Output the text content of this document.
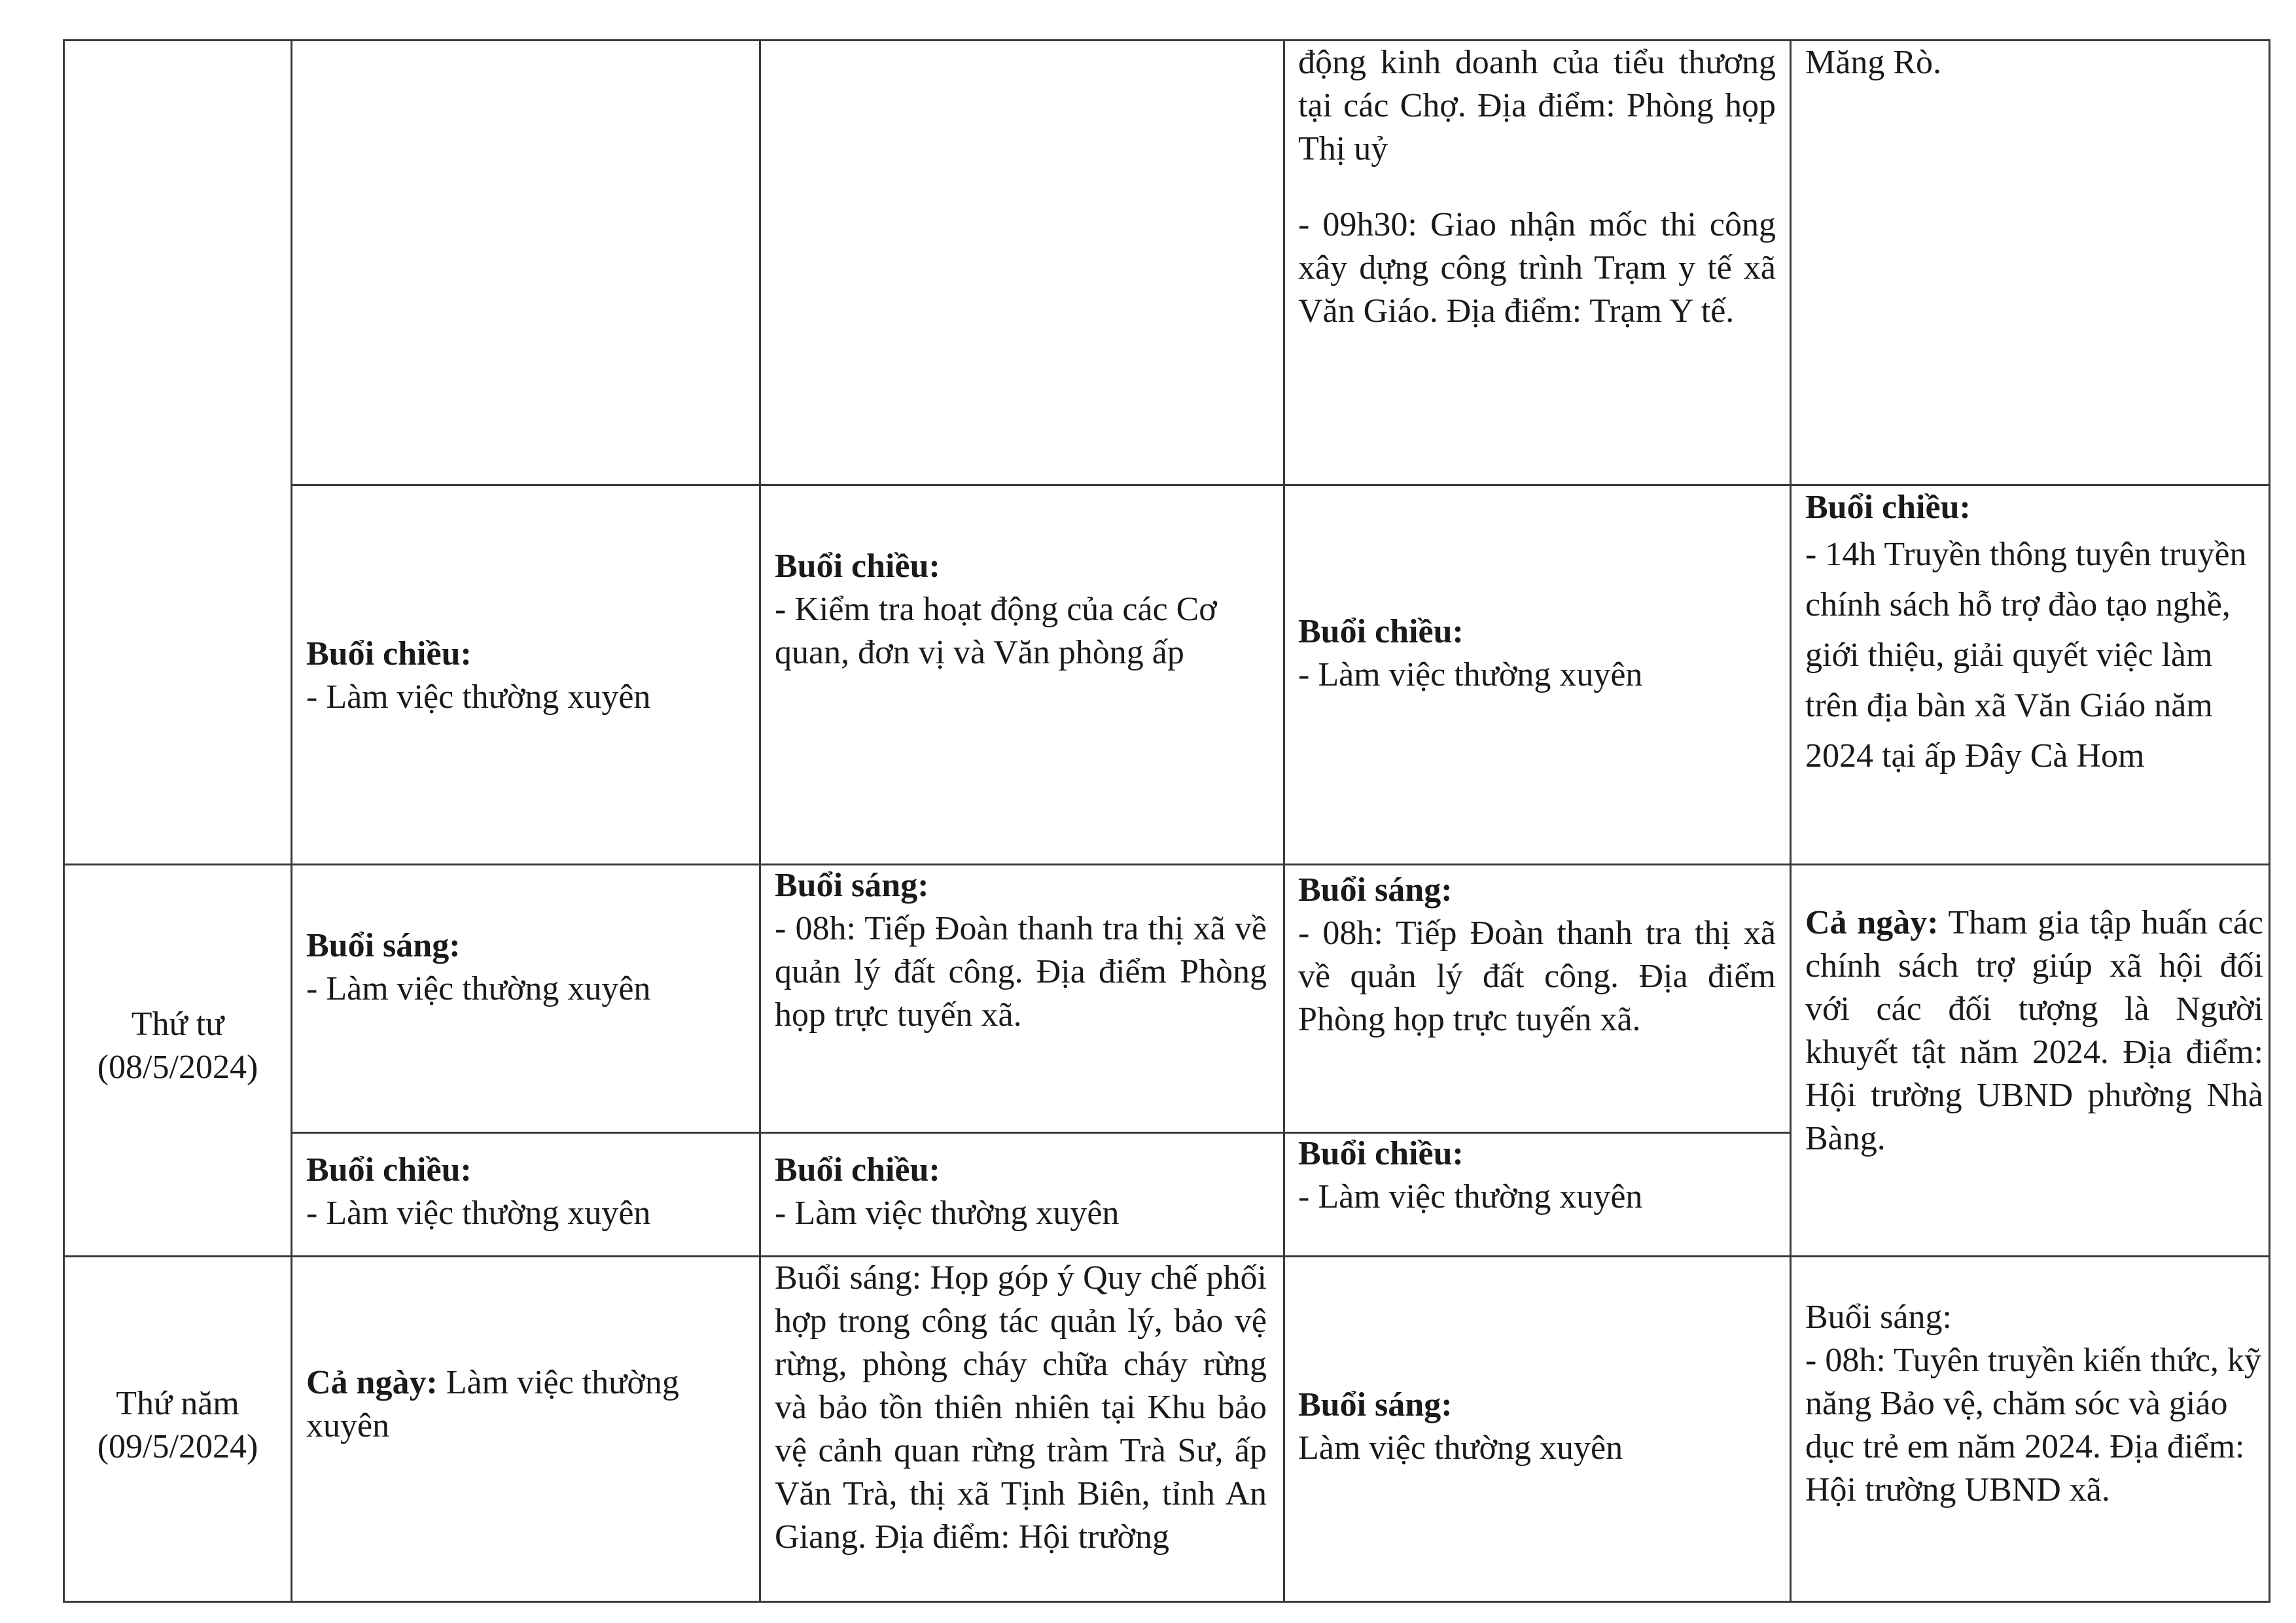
động kinh doanh của tiểu thương tại các Chợ. Địa điểm: Phòng họp Thị uỷ

- 09h30: Giao nhận mốc thi công xây dựng công trình Trạm y tế xã Văn Giáo. Địa điểm: Trạm Y tế.

Măng Rò.

Buổi chiều:

- Làm việc thường xuyên

Buổi chiều:

- Kiểm tra hoạt động của các Cơ quan, đơn vị và Văn phòng ấp

Buổi chiều:

- Làm việc thường xuyên

Buổi chiều:

- 14h Truyền thông tuyên truyền chính sách hỗ trợ đào tạo nghề, giới thiệu, giải quyết việc làm trên địa bàn xã Văn Giáo năm 2024 tại ấp Đây Cà Hom

Thứ tư

(08/5/2024)

Buổi sáng:

- Làm việc thường xuyên

Buổi sáng:

- 08h: Tiếp Đoàn thanh tra thị xã về quản lý đất công. Địa điểm Phòng họp trực tuyến xã.

Buổi sáng:

- 08h: Tiếp Đoàn thanh tra thị xã về quản lý đất công. Địa điểm Phòng họp trực tuyến xã.

Buổi chiều:

- Làm việc thường xuyên

Buổi chiều:

- Làm việc thường xuyên

Buổi chiều:

- Làm việc thường xuyên

Cả ngày: Tham gia tập huấn các chính sách trợ giúp xã hội đối với các đối tượng là Người khuyết tật năm 2024. Địa điểm: Hội trường UBND phường Nhà Bàng.

Thứ năm

(09/5/2024)

Cả ngày: Làm việc thường xuyên

Buổi sáng: Họp góp ý Quy chế phối hợp trong công tác quản lý, bảo vệ rừng, phòng cháy chữa cháy rừng và bảo tồn thiên nhiên tại Khu bảo vệ cảnh quan rừng tràm Trà Sư, ấp Văn Trà, thị xã Tịnh Biên, tỉnh An Giang. Địa điểm: Hội trường

Buổi sáng:

Làm việc thường xuyên

Buổi sáng:

- 08h: Tuyên truyền kiến thức, kỹ năng Bảo vệ, chăm sóc và giáo dục trẻ em năm 2024. Địa điểm: Hội trường UBND xã.
